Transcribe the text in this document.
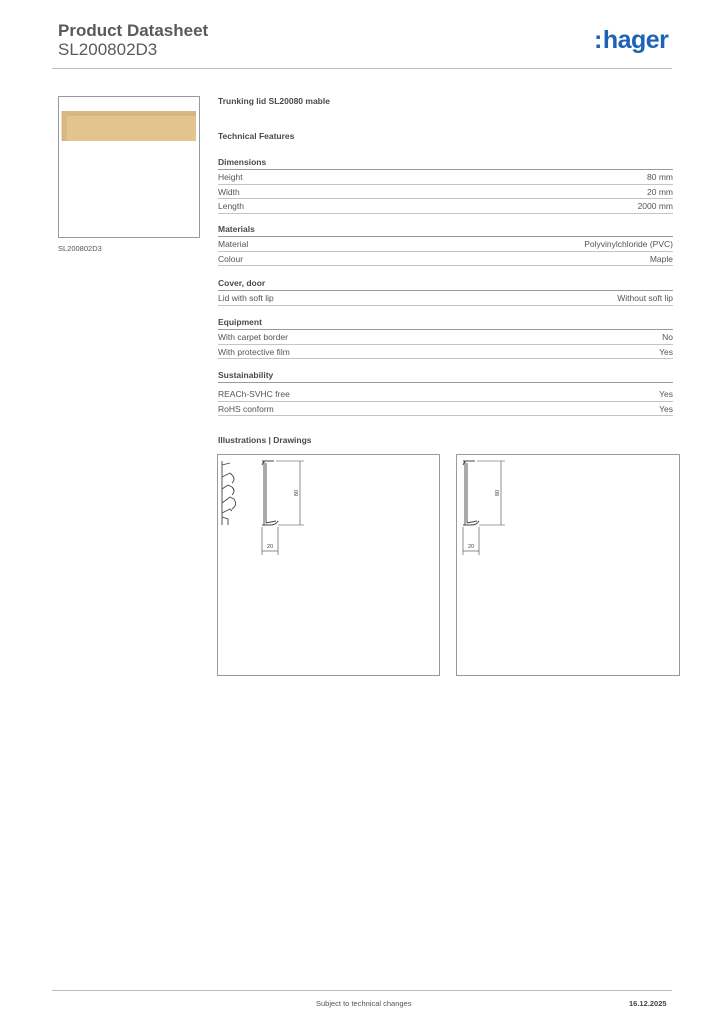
Product Datasheet
SL200802D3	:hager
SL200802D3
Trunking lid SL20080 mable
Technical Features
Dimensions
Height	80 mm
Width	20 mm
Length	2000 mm
Materials
Material	Polyvinylchloride (PVC)
Colour	Maple
Cover, door
Lid with soft lip	Without soft lip
Equipment
With carpet border	No
With protective film	Yes
Sustainability
REACh-SVHC free	Yes
RoHS conform	Yes
Illustrations | Drawings
80
20
80
20
Subject to technical changes	16.12.2025
